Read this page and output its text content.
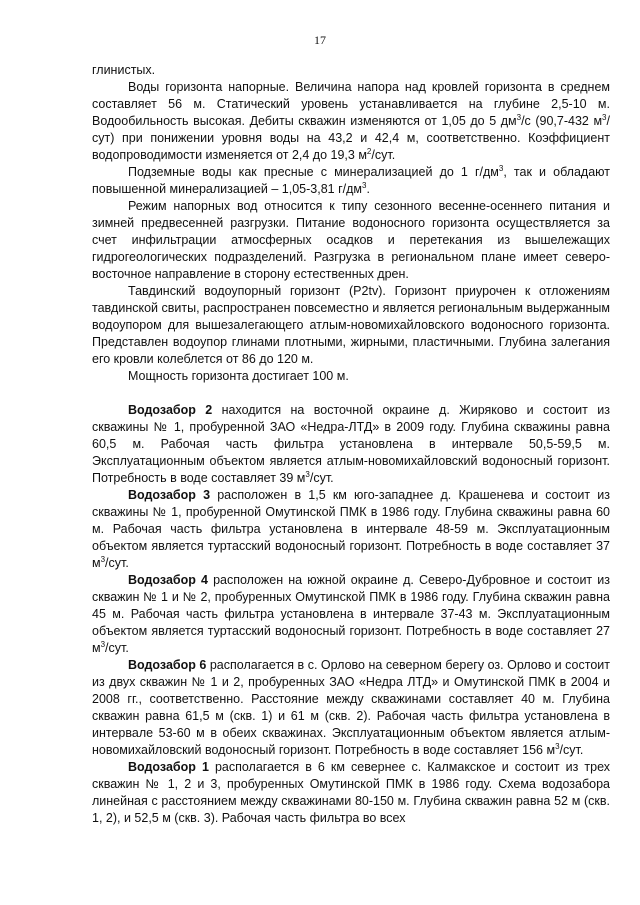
17

глинистых.

Воды горизонта напорные. Величина напора над кровлей горизонта в среднем составляет 56 м. Статический уровень устанавливается на глубине 2,5-10 м. Водообильность высокая. Дебиты скважин изменяются от 1,05 до 5 $дм^3/с$ (90,7-432 $м^3/сут$) при понижении уровня воды на 43,2 и 42,4 м, соответственно. Коэффициент водопроводимости изменяется от 2,4 до 19,3 $м^2$/сут.

Подземные воды как пресные с минерализацией до 1 $г/дм^3$, так и обладают повышенной минерализацией – 1,05-3,81 $г/дм^3$.

Режим напорных вод относится к типу сезонного весенне-осеннего питания и зимней предвесенней разгрузки. Питание водоносного горизонта осуществляется за счет инфильтрации атмосферных осадков и перетекания из вышележащих гидрогеологических подразделений. Разгрузка в региональном плане имеет северо-восточное направление в сторону естественных дрен.

Тавдинский водоупорный горизонт (P2tv). Горизонт приурочен к отложениям тавдинской свиты, распространен повсеместно и является региональным выдержанным водоупором для вышезалегающего атлым-новомихайловского водоносного горизонта. Представлен водоупор глинами плотными, жирными, пластичными. Глубина залегания его кровли колеблется от 86 до 120 м.

Мощность горизонта достигает 100 м.

Водозабор 2 находится на восточной окраине д. Жиряково и состоит из скважины № 1, пробуренной ЗАО «Недра-ЛТД» в 2009 году. Глубина скважины равна 60,5 м. Рабочая часть фильтра установлена в интервале 50,5-59,5 м. Эксплуатационным объектом является атлым-новомихайловский водоносный горизонт. Потребность в воде составляет 39 $м^3$/сут.

Водозабор 3 расположен в 1,5 км юго-западнее д. Крашенева и состоит из скважины № 1, пробуренной Омутинской ПМК в 1986 году. Глубина скважины равна 60 м. Рабочая часть фильтра установлена в интервале 48-59 м. Эксплуатационным объектом является туртасский водоносный горизонт. Потребность в воде составляет 37 $м^3$/сут.

Водозабор 4 расположен на южной окраине д. Северо-Дубровное и состоит из скважин № 1 и № 2, пробуренных Омутинской ПМК в 1986 году. Глубина скважин равна 45 м. Рабочая часть фильтра установлена в интервале 37-43 м. Эксплуатационным объектом является туртасский водоносный горизонт. Потребность в воде составляет 27 $м^3$/сут.

Водозабор 6 располагается в с. Орлово на северном берегу оз. Орлово и состоит из двух скважин № 1 и 2, пробуренных ЗАО «Недра ЛТД» и Омутинской ПМК в 2004 и 2008 гг., соответственно. Расстояние между скважинами составляет 40 м. Глубина скважин равна 61,5 м (скв. 1) и 61 м (скв. 2). Рабочая часть фильтра установлена в интервале 53-60 м в обеих скважинах. Эксплуатационным объектом является атлым-новомихайловский водоносный горизонт. Потребность в воде составляет 156 $м^3$/сут.

Водозабор 1 располагается в 6 км севернее с. Калмакское и состоит из трех скважин № 1, 2 и 3, пробуренных Омутинской ПМК в 1986 году. Схема водозабора линейная с расстоянием между скважинами 80-150 м. Глубина скважин равна 52 м (скв. 1, 2), и 52,5 м (скв. 3). Рабочая часть фильтра во всех
